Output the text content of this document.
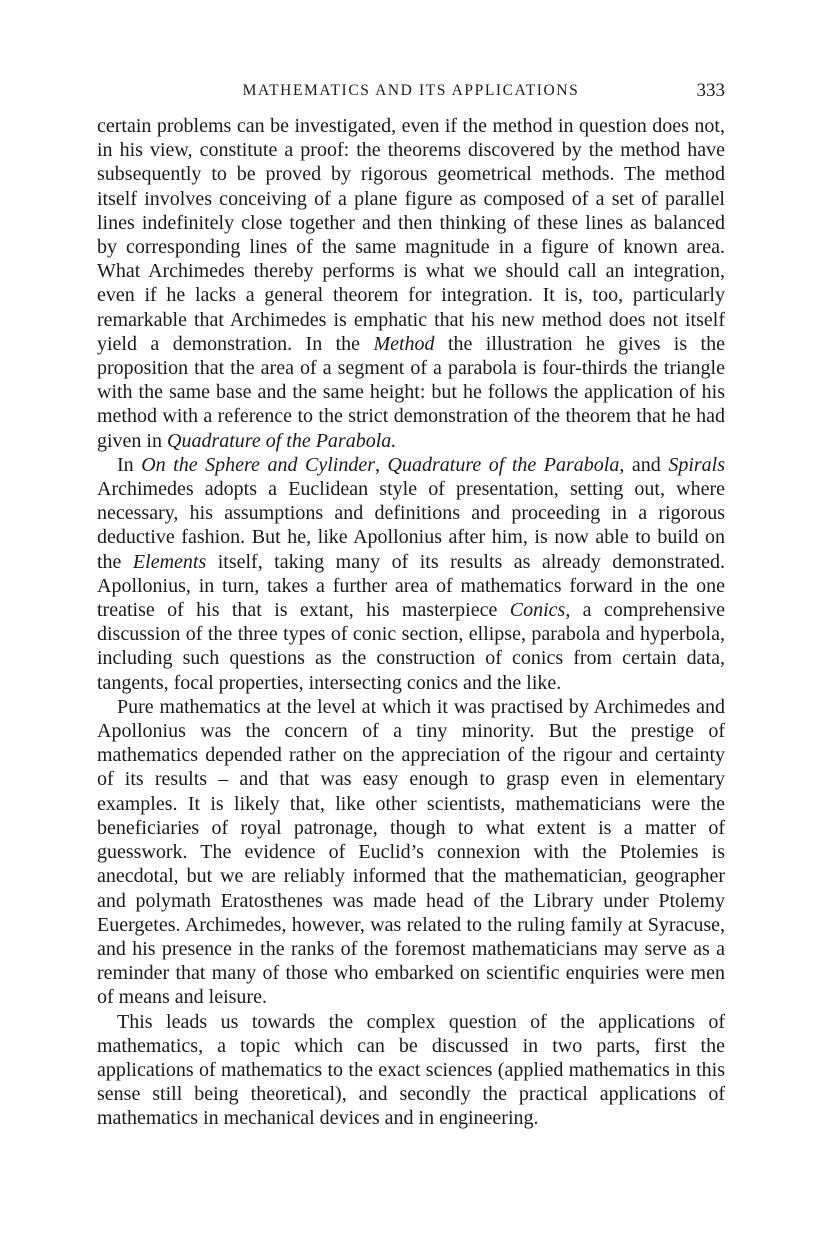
MATHEMATICS AND ITS APPLICATIONS	333

certain problems can be investigated, even if the method in question does not, in his view, constitute a proof: the theorems discovered by the method have subsequently to be proved by rigorous geometrical methods. The method itself involves conceiving of a plane figure as composed of a set of parallel lines indefinitely close together and then thinking of these lines as balanced by corresponding lines of the same magnitude in a figure of known area. What Archimedes thereby performs is what we should call an integration, even if he lacks a general theorem for integration. It is, too, particularly remarkable that Archimedes is emphatic that his new method does not itself yield a demonstration. In the Method the illustration he gives is the proposition that the area of a segment of a parabola is four-thirds the triangle with the same base and the same height: but he follows the application of his method with a reference to the strict demonstration of the theorem that he had given in Quadrature of the Parabola.

In On the Sphere and Cylinder, Quadrature of the Parabola, and Spirals Archimedes adopts a Euclidean style of presentation, setting out, where necessary, his assumptions and definitions and proceeding in a rigorous deductive fashion. But he, like Apollonius after him, is now able to build on the Elements itself, taking many of its results as already demonstrated. Apollonius, in turn, takes a further area of mathematics forward in the one treatise of his that is extant, his masterpiece Conics, a comprehensive discussion of the three types of conic section, ellipse, parabola and hyperbola, including such questions as the construction of conics from certain data, tangents, focal properties, intersecting conics and the like.

Pure mathematics at the level at which it was practised by Archimedes and Apollonius was the concern of a tiny minority. But the prestige of mathematics depended rather on the appreciation of the rigour and certainty of its results – and that was easy enough to grasp even in elementary examples. It is likely that, like other scientists, mathematicians were the beneficiaries of royal patronage, though to what extent is a matter of guesswork. The evidence of Euclid’s connexion with the Ptolemies is anecdotal, but we are reliably informed that the mathematician, geographer and polymath Eratosthenes was made head of the Library under Ptolemy Euergetes. Archimedes, however, was related to the ruling family at Syracuse, and his presence in the ranks of the foremost mathematicians may serve as a reminder that many of those who embarked on scientific enquiries were men of means and leisure.

This leads us towards the complex question of the applications of mathematics, a topic which can be discussed in two parts, first the applications of mathematics to the exact sciences (applied mathematics in this sense still being theoretical), and secondly the practical applications of mathematics in mechanical devices and in engineering.
